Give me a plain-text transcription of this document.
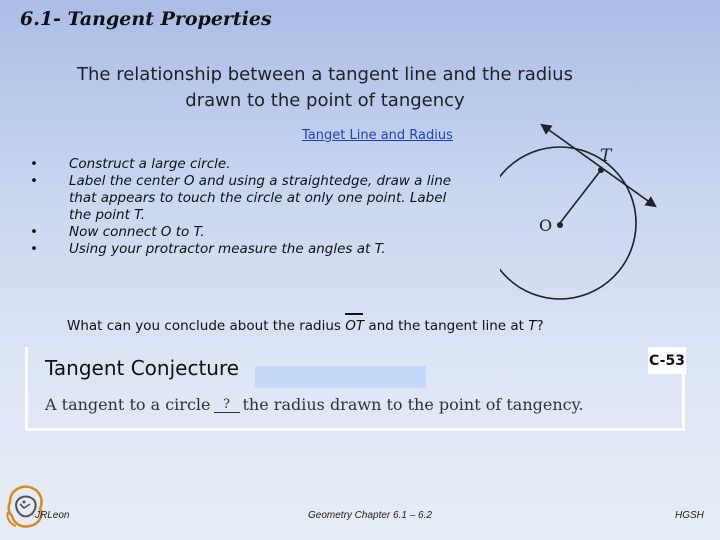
6.1- Tangent Properties

The relationship between a tangent line and the radius drawn to the point of tangency

Tanget Line and Radius
• Construct a large circle.
• Label the center O and using a straightedge, draw a line that appears to touch the circle at only one point. Label the point T.
• Now connect O to T.
• Using your protractor measure the angles at T.
T
O
What can you conclude about the radius OT and the tangent line at T?
Tangent Conjecture	C-53
A tangent to a circle ? the radius drawn to the point of tangency.
JRLeon	Geometry Chapter 6.1 – 6.2	HGSH
